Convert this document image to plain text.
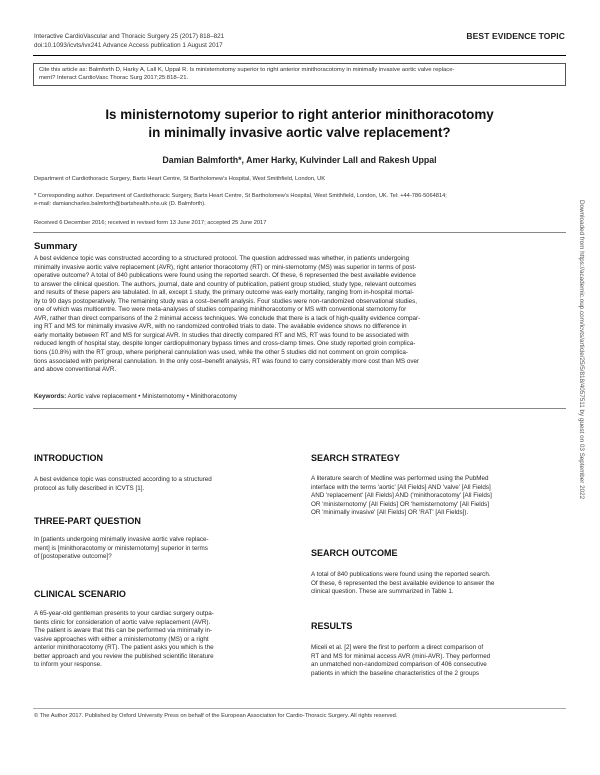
Interactive CardioVascular and Thoracic Surgery 25 (2017) 818–821
doi:10.1093/icvts/ivx241 Advance Access publication 1 August 2017
BEST EVIDENCE TOPIC
Cite this article as: Balmforth D, Harky A, Lall K, Uppal R. Is ministernotomy superior to right anterior minithoracotomy in minimally invasive aortic valve replace-
ment? Interact CardioVasc Thorac Surg 2017;25:818–21.
Is ministernotomy superior to right anterior minithoracotomy
in minimally invasive aortic valve replacement?
Damian Balmforth*, Amer Harky, Kulvinder Lall and Rakesh Uppal
Department of Cardiothoracic Surgery, Barts Heart Centre, St Bartholomew's Hospital, West Smithfield, London, UK
* Corresponding author. Department of Cardiothoracic Surgery, Barts Heart Centre, St Bartholomew's Hospital, West Smithfield, London, UK. Tel: +44-786-5064814;
e-mail: damiancharles.balmforth@bartshealth.nhs.uk (D. Balmforth).
Received 6 December 2016; received in revised form 13 June 2017; accepted 25 June 2017
Summary
A best evidence topic was constructed according to a structured protocol. The question addressed was whether, in patients undergoing
minimally invasive aortic valve replacement (AVR), right anterior thoracotomy (RT) or mini-sternotomy (MS) was superior in terms of post-
operative outcome? A total of 840 publications were found using the reported search. Of these, 6 represented the best available evidence
to answer the clinical question. The authors, journal, date and country of publication, patient group studied, study type, relevant outcomes
and results of these papers are tabulated. In all, except 1 study, the primary outcome was early mortality, ranging from in-hospital mortal-
ity to 90 days postoperatively. The remaining study was a cost–benefit analysis. Four studies were non-randomized observational studies,
one of which was multicentre. Two were meta-analyses of studies comparing minithoracotomy or MS with conventional sternotomy for
AVR, rather than direct comparisons of the 2 minimal access techniques. We conclude that there is a lack of high-quality evidence compar-
ing RT and MS for minimally invasive AVR, with no randomized controlled trials to date. The available evidence shows no difference in
early mortality between RT and MS for surgical AVR. In studies that directly compared RT and MS, RT was found to be associated with
reduced length of hospital stay, despite longer cardiopulmonary bypass times and cross-clamp times. One study reported groin complica-
tions (10.8%) with the RT group, where peripheral cannulation was used, while the other 5 studies did not comment on groin complica-
tions associated with peripheral cannulation. In the only cost–benefit analysis, RT was found to carry considerably more cost than MS over
and above conventional AVR.
Keywords: Aortic valve replacement • Ministernotomy • Minithoracotomy
INTRODUCTION
A best evidence topic was constructed according to a structured
protocol as fully described in ICVTS [1].
THREE-PART QUESTION
In [patients undergoing minimally invasive aortic valve replace-
ment] is [minithoracotomy or ministernotomy] superior in terms
of [postoperative outcome]?
CLINICAL SCENARIO
A 65-year-old gentleman presents to your cardiac surgery outpa-
tients clinic for consideration of aortic valve replacement (AVR).
The patient is aware that this can be performed via minimally in-
vasive approaches with either a ministernotomy (MS) or a right
anterior minithoracotomy (RT). The patient asks you which is the
better approach and you review the published scientific literature
to inform your response.
SEARCH STRATEGY
A literature search of Medline was performed using the PubMed
interface with the terms 'aortic' [All Fields] AND 'valve' [All Fields]
AND 'replacement' [All Fields] AND ('minithoracotomy' [All Fields]
OR 'ministernotomy' [All Fields] OR 'hemisternotomy' [All Fields]
OR 'minimally invasive' [All Fields] OR 'RAT' [All Fields]).
SEARCH OUTCOME
A total of 840 publications were found using the reported search.
Of these, 6 represented the best available evidence to answer the
clinical question. These are summarized in Table 1.
RESULTS
Miceli et al. [2] were the first to perform a direct comparison of
RT and MS for minimal access AVR (mini-AVR). They performed
an unmatched non-randomized comparison of 406 consecutive
patients in which the baseline characteristics of the 2 groups
© The Author 2017. Published by Oxford University Press on behalf of the European Association for Cardio-Thoracic Surgery. All rights reserved.
Downloaded from https://academic.oup.com/icvts/article/25/5/818/4057511 by guest on 03 September 2022
